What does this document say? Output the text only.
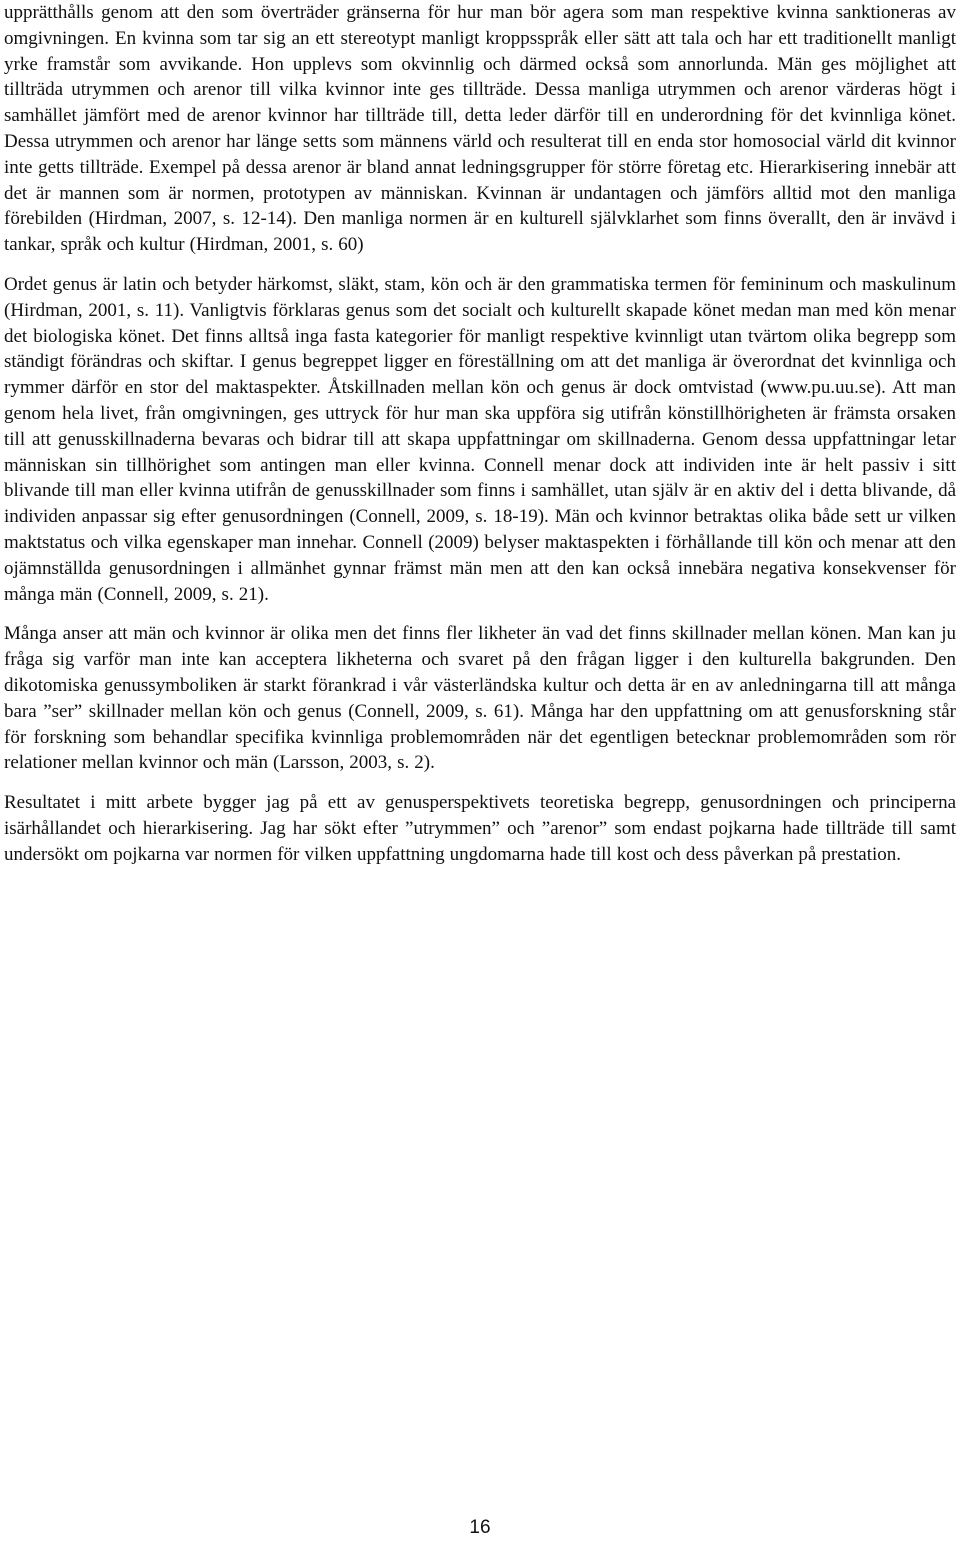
upprätthålls genom att den som överträder gränserna för hur man bör agera som man respektive kvinna sanktioneras av omgivningen. En kvinna som tar sig an ett stereotypt manligt kroppsspråk eller sätt att tala och har ett traditionellt manligt yrke framstår som avvikande. Hon upplevs som okvinnlig och därmed också som annorlunda. Män ges möjlighet att tillträda utrymmen och arenor till vilka kvinnor inte ges tillträde. Dessa manliga utrymmen och arenor värderas högt i samhället jämfört med de arenor kvinnor har tillträde till, detta leder därför till en underordning för det kvinnliga könet. Dessa utrymmen och arenor har länge setts som männens värld och resulterat till en enda stor homosocial värld dit kvinnor inte getts tillträde. Exempel på dessa arenor är bland annat ledningsgrupper för större företag etc. Hierarkisering innebär att det är mannen som är normen, prototypen av människan. Kvinnan är undantagen och jämförs alltid mot den manliga förebilden (Hirdman, 2007, s. 12-14). Den manliga normen är en kulturell självklarhet som finns överallt, den är invävd i tankar, språk och kultur (Hirdman, 2001, s. 60)

Ordet genus är latin och betyder härkomst, släkt, stam, kön och är den grammatiska termen för femininum och maskulinum (Hirdman, 2001, s. 11). Vanligtvis förklaras genus som det socialt och kulturellt skapade könet medan man med kön menar det biologiska könet. Det finns alltså inga fasta kategorier för manligt respektive kvinnligt utan tvärtom olika begrepp som ständigt förändras och skiftar. I genus begreppet ligger en föreställning om att det manliga är överordnat det kvinnliga och rymmer därför en stor del maktaspekter. Åtskillnaden mellan kön och genus är dock omtvistad (www.pu.uu.se). Att man genom hela livet, från omgivningen, ges uttryck för hur man ska uppföra sig utifrån könstillhörigheten är främsta orsaken till att genusskillnaderna bevaras och bidrar till att skapa uppfattningar om skillnaderna. Genom dessa uppfattningar letar människan sin tillhörighet som antingen man eller kvinna. Connell menar dock att individen inte är helt passiv i sitt blivande till man eller kvinna utifrån de genusskillnader som finns i samhället, utan själv är en aktiv del i detta blivande, då individen anpassar sig efter genusordningen (Connell, 2009, s. 18-19). Män och kvinnor betraktas olika både sett ur vilken maktstatus och vilka egenskaper man innehar. Connell (2009) belyser maktaspekten i förhållande till kön och menar att den ojämnställda genusordningen i allmänhet gynnar främst män men att den kan också innebära negativa konsekvenser för många män (Connell, 2009, s. 21).

Många anser att män och kvinnor är olika men det finns fler likheter än vad det finns skillnader mellan könen. Man kan ju fråga sig varför man inte kan acceptera likheterna och svaret på den frågan ligger i den kulturella bakgrunden. Den dikotomiska genussymboliken är starkt förankrad i vår västerländska kultur och detta är en av anledningarna till att många bara ”ser” skillnader mellan kön och genus (Connell, 2009, s. 61). Många har den uppfattning om att genusforskning står för forskning som behandlar specifika kvinnliga problemområden när det egentligen betecknar problemområden som rör relationer mellan kvinnor och män (Larsson, 2003, s. 2).

Resultatet i mitt arbete bygger jag på ett av genusperspektivets teoretiska begrepp, genusordningen och principerna isärhållandet och hierarkisering. Jag har sökt efter ”utrymmen” och ”arenor” som endast pojkarna hade tillträde till samt undersökt om pojkarna var normen för vilken uppfattning ungdomarna hade till kost och dess påverkan på prestation.

16
